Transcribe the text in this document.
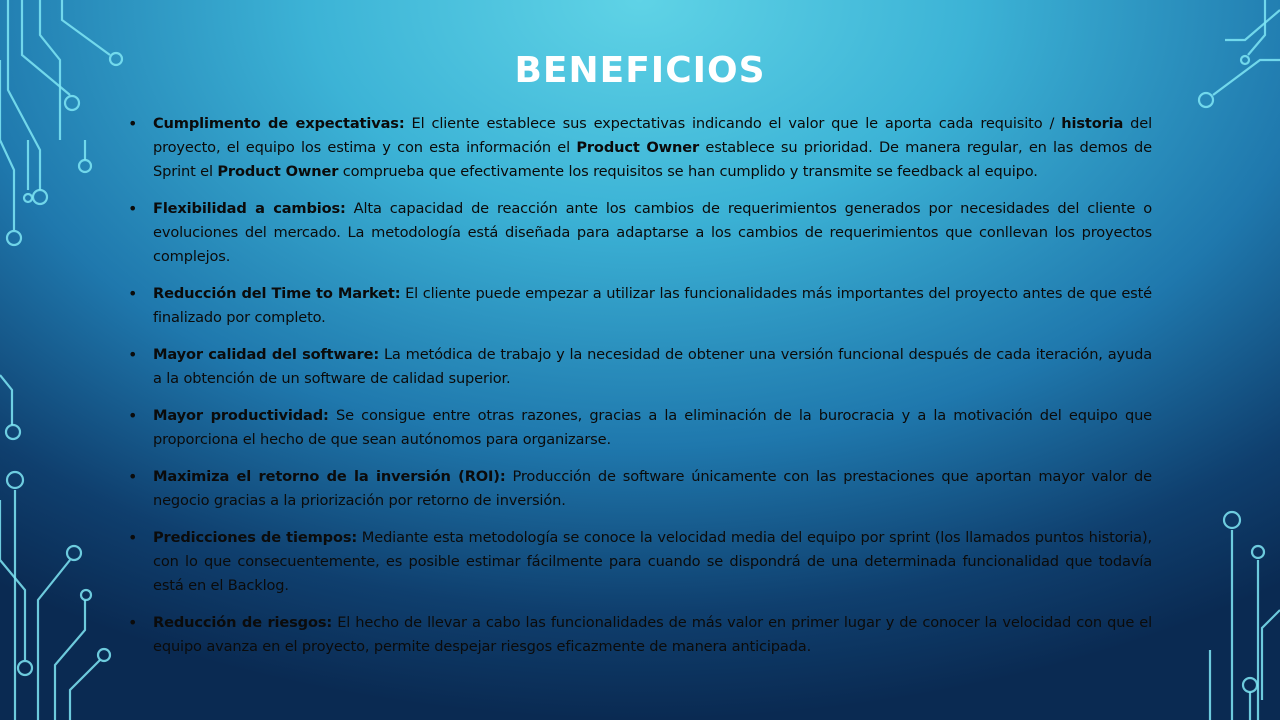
BENEFICIOS
• Cumplimento de expectativas: El cliente establece sus expectativas indicando el valor que le aporta cada requisito / historia del proyecto, el equipo los estima y con esta información el Product Owner establece su prioridad. De manera regular, en las demos de Sprint el Product Owner comprueba que efectivamente los requisitos se han cumplido y transmite se feedback al equipo.
• Flexibilidad a cambios: Alta capacidad de reacción ante los cambios de requerimientos generados por necesidades del cliente o evoluciones del mercado. La metodología está diseñada para adaptarse a los cambios de requerimientos que conllevan los proyectos complejos.
• Reducción del Time to Market: El cliente puede empezar a utilizar las funcionalidades más importantes del proyecto antes de que esté finalizado por completo.
• Mayor calidad del software: La metódica de trabajo y la necesidad de obtener una versión funcional después de cada iteración, ayuda a la obtención de un software de calidad superior.
• Mayor productividad: Se consigue entre otras razones, gracias a la eliminación de la burocracia y a la motivación del equipo que proporciona el hecho de que sean autónomos para organizarse.
• Maximiza el retorno de la inversión (ROI): Producción de software únicamente con las prestaciones que aportan mayor valor de negocio gracias a la priorización por retorno de inversión.
• Predicciones de tiempos: Mediante esta metodología se conoce la velocidad media del equipo por sprint (los llamados puntos historia), con lo que consecuentemente, es posible estimar fácilmente para cuando se dispondrá de una determinada funcionalidad que todavía está en el Backlog.
• Reducción de riesgos: El hecho de llevar a cabo las funcionalidades de más valor en primer lugar y de conocer la velocidad con que el equipo avanza en el proyecto, permite despejar riesgos eficazmente de manera anticipada.
